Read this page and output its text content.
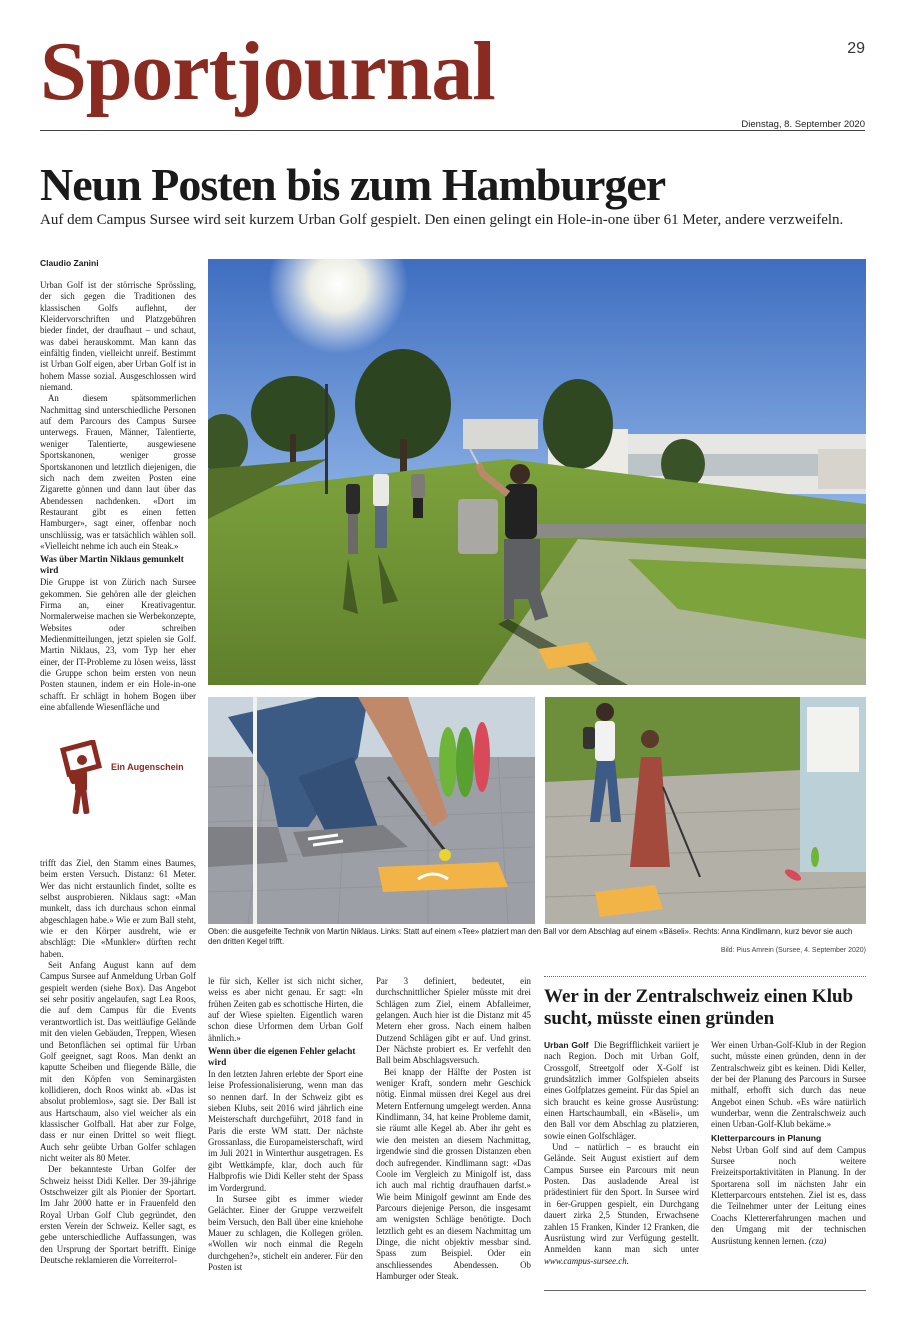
Sportjournal	29
Dienstag, 8. September 2020
Neun Posten bis zum Hamburger
Auf dem Campus Sursee wird seit kurzem Urban Golf gespielt. Den einen gelingt ein Hole-in-one über 61 Meter, andere verzweifeln.
Claudio Zanini

Urban Golf ist der störrische Sprössling, der sich gegen die Traditionen des klassischen Golfs auflehnt, der Kleidervorschriften und Platzgebühren bieder findet, der draufhaut – und schaut, was dabei herauskommt. Man kann das einfältig finden, vielleicht unreif. Bestimmt ist Urban Golf eigen, aber Urban Golf ist in hohem Masse sozial. Ausgeschlossen wird niemand.

An diesem spätsommerlichen Nachmittag sind unterschiedliche Personen auf dem Parcours des Campus Sursee unterwegs. Frauen, Männer, Talentierte, weniger Talentierte, ausgewiesene Sportskanonen, weniger grosse Sportskanonen und letztlich diejenigen, die sich nach dem zweiten Posten eine Zigarette gönnen und dann laut über das Abendessen nachdenken. «Dort im Restaurant gibt es einen fetten Hamburger», sagt einer, offenbar noch unschlüssig, was er tatsächlich wählen soll. «Vielleicht nehme ich auch ein Steak.»

Was über Martin Niklaus gemunkelt wird

Die Gruppe ist von Zürich nach Sursee gekommen. Sie gehören alle der gleichen Firma an, einer Kreativagentur. Normalerweise machen sie Werbekonzepte, Websites oder schreiben Medienmitteilungen, jetzt spielen sie Golf. Martin Niklaus, 23, vom Typ her eher einer, der IT-Probleme zu lösen weiss, lässt die Gruppe schon beim ersten von neun Posten staunen, indem er ein Hole-in-one schafft. Er schlägt in hohem Bogen über eine abfallende Wiesenfläche und

Ein Augenschein

trifft das Ziel, den Stamm eines Baumes, beim ersten Versuch. Distanz: 61 Meter. Wer das nicht erstaunlich findet, sollte es selbst ausprobieren. Niklaus sagt: «Man munkelt, dass ich durchaus schon einmal abgeschlagen habe.» Wie er zum Ball steht, wie er den Körper ausdreht, wie er abschlägt: Die «Munkler» dürften recht haben.

Seit Anfang August kann auf dem Campus Sursee auf Anmeldung Urban Golf gespielt werden (siehe Box). Das Angebot sei sehr positiv angelaufen, sagt Lea Roos, die auf dem Campus für die Events verantwortlich ist. Das weitläufige Gelände mit den vielen Gebäuden, Treppen, Wiesen und Betonflächen sei optimal für Urban Golf geeignet, sagt Roos. Man denkt an kaputte Scheiben und fliegende Bälle, die mit den Köpfen von Seminargästen kollidieren, doch Roos winkt ab. «Das ist absolut problemlos», sagt sie. Der Ball ist aus Hartschaum, also viel weicher als ein klassischer Golfball. Hat aber zur Folge, dass er nur einen Drittel so weit fliegt. Auch sehr geübte Urban Golfer schlagen nicht weiter als 80 Meter.

Der bekannteste Urban Golfer der Schweiz heisst Didi Keller. Der 39-jährige Ostschweizer gilt als Pionier der Sportart. Im Jahr 2000 hatte er in Frauenfeld den Royal Urban Golf Club gegründet, den ersten Verein der Schweiz. Keller sagt, es gebe unterschiedliche Auffassungen, was den Ursprung der Sportart betrifft. Einige Deutsche reklamieren die Vorreiterrol-

Oben: die ausgefeilte Technik von Martin Niklaus. Links: Statt auf einem «Tee» platziert man den Ball vor dem Abschlag auf einem «Bäseli». Rechts: Anna Kindlimann, kurz bevor sie auch den dritten Kegel trifft.
Bild: Pius Amrein (Sursee, 4. September 2020)

le für sich, Keller ist sich nicht sicher, weiss es aber nicht genau. Er sagt: «In frühen Zeiten gab es schottische Hirten, die auf der Wiese spielten. Eigentlich waren schon diese Urformen dem Urban Golf ähnlich.»

Wenn über die eigenen Fehler gelacht wird

In den letzten Jahren erlebte der Sport eine leise Professionalisierung, wenn man das so nennen darf. In der Schweiz gibt es sieben Klubs, seit 2016 wird jährlich eine Meisterschaft durchgeführt, 2018 fand in Paris die erste WM statt. Der nächste Grossanlass, die Europameisterschaft, wird im Juli 2021 in Winterthur ausgetragen. Es gibt Wettkämpfe, klar, doch auch für Halbprofis wie Didi Keller steht der Spass im Vordergrund.

In Sursee gibt es immer wieder Gelächter. Einer der Gruppe verzweifelt beim Versuch, den Ball über eine kniehohe Mauer zu schlagen, die Kollegen grölen. «Wollen wir noch einmal die Regeln durchgehen?», stichelt ein anderer. Für den Posten ist

Par 3 definiert, bedeutet, ein durchschnittlicher Spieler müsste mit drei Schlägen zum Ziel, einem Abfalleimer, gelangen. Auch hier ist die Distanz mit 45 Metern eher gross. Nach einem halben Dutzend Schlägen gibt er auf. Und grinst. Der Nächste probiert es. Er verfehlt den Ball beim Abschlagsversuch.

Bei knapp der Hälfte der Posten ist weniger Kraft, sondern mehr Geschick nötig. Einmal müssen drei Kegel aus drei Metern Entfernung umgelegt werden. Anna Kindlimann, 34, hat keine Probleme damit, sie räumt alle Kegel ab. Aber ihr geht es wie den meisten an diesem Nachmittag, irgendwie sind die grossen Distanzen eben doch aufregender. Kindlimann sagt: «Das Coole im Vergleich zu Minigolf ist, dass ich auch mal richtig draufhauen darfst.» Wie beim Minigolf gewinnt am Ende des Parcours diejenige Person, die insgesamt am wenigsten Schläge benötigte. Doch letztlich geht es an diesem Nachmittag um Dinge, die nicht objektiv messbar sind. Spass zum Beispiel. Oder ein anschliessendes Abendessen. Ob Hamburger oder Steak.

Wer in der Zentralschweiz einen Klub sucht, müsste einen gründen

Urban Golf Die Begrifflichkeit variiert je nach Region. Doch mit Urban Golf, Crossgolf, Streetgolf oder X-Golf ist grundsätzlich immer Golfspielen abseits eines Golfplatzes gemeint. Für das Spiel an sich braucht es keine grosse Ausrüstung: einen Hartschaumball, ein «Bäseli», um den Ball vor dem Abschlag zu platzieren, sowie einen Golfschläger.

Und – natürlich – es braucht ein Gelände. Seit August existiert auf dem Campus Sursee ein Parcours mit neun Posten. Das ausladende Areal ist prädestiniert für den Sport. In Sursee wird in 6er-Gruppen gespielt, ein Durchgang dauert zirka 2,5 Stunden, Erwachsene zahlen 15 Franken, Kinder 12 Franken, die Ausrüstung wird zur Verfügung gestellt. Anmelden kann man sich unter www.campus-sursee.ch.

Wer einen Urban-Golf-Klub in der Region sucht, müsste einen gründen, denn in der Zentralschweiz gibt es keinen. Didi Keller, der bei der Planung des Parcours in Sursee mithalf, erhofft sich durch das neue Angebot einen Schub. «Es wäre natürlich wunderbar, wenn die Zentralschweiz auch einen Urban-Golf-Klub bekäme.»

Kletterparcours in Planung

Nebst Urban Golf sind auf dem Campus Sursee noch weitere Freizeitsportaktivitäten in Planung. In der Sportarena soll im nächsten Jahr ein Kletterparcours entstehen. Ziel ist es, dass die Teilnehmer unter der Leitung eines Coachs Klettererfahrungen machen und den Umgang mit der technischen Ausrüstung kennen lernen. (cza)
